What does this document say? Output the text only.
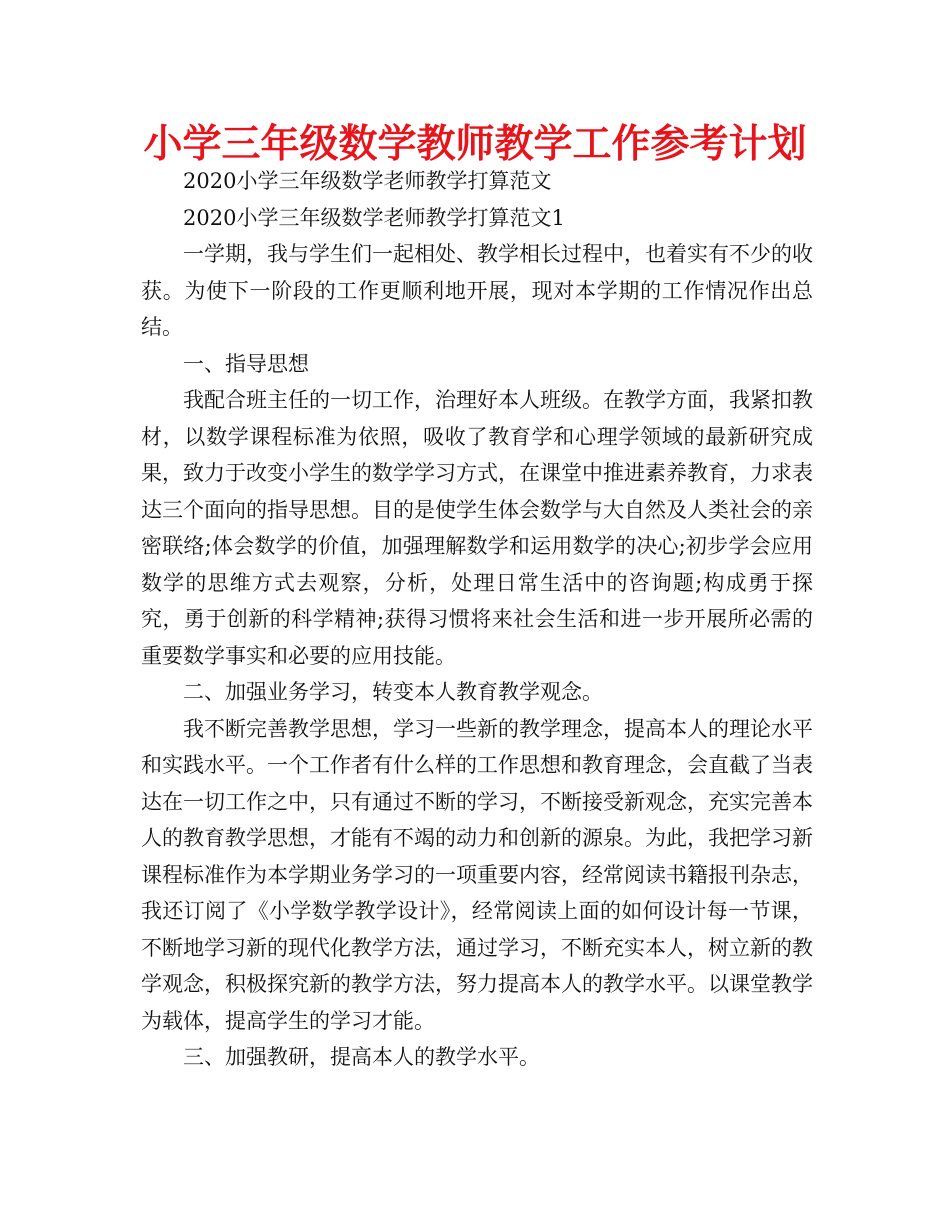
小学三年级数学教师教学工作参考计划

2020小学三年级数学老师教学打算范文

2020小学三年级数学老师教学打算范文1

一学期，我与学生们一起相处、教学相长过程中，也着实有不少的收获。为使下一阶段的工作更顺利地开展，现对本学期的工作情况作出总结。

一、指导思想

我配合班主任的一切工作，治理好本人班级。在教学方面，我紧扣教材，以数学课程标准为依照，吸收了教育学和心理学领域的最新研究成果，致力于改变小学生的数学学习方式，在课堂中推进素养教育，力求表达三个面向的指导思想。目的是使学生体会数学与大自然及人类社会的亲密联络;体会数学的价值，加强理解数学和运用数学的决心;初步学会应用数学的思维方式去观察，分析，处理日常生活中的咨询题;构成勇于探究，勇于创新的科学精神;获得习惯将来社会生活和进一步开展所必需的重要数学事实和必要的应用技能。

二、加强业务学习，转变本人教育教学观念。

我不断完善教学思想，学习一些新的教学理念，提高本人的理论水平和实践水平。一个工作者有什么样的工作思想和教育理念，会直截了当表达在一切工作之中，只有通过不断的学习，不断接受新观念，充实完善本人的教育教学思想，才能有不竭的动力和创新的源泉。为此，我把学习新课程标准作为本学期业务学习的一项重要内容，经常阅读书籍报刊杂志，我还订阅了《小学数学教学设计》，经常阅读上面的如何设计每一节课，不断地学习新的现代化教学方法，通过学习，不断充实本人，树立新的教学观念，积极探究新的教学方法，努力提高本人的教学水平。以课堂教学为载体，提高学生的学习才能。

三、加强教研，提高本人的教学水平。
